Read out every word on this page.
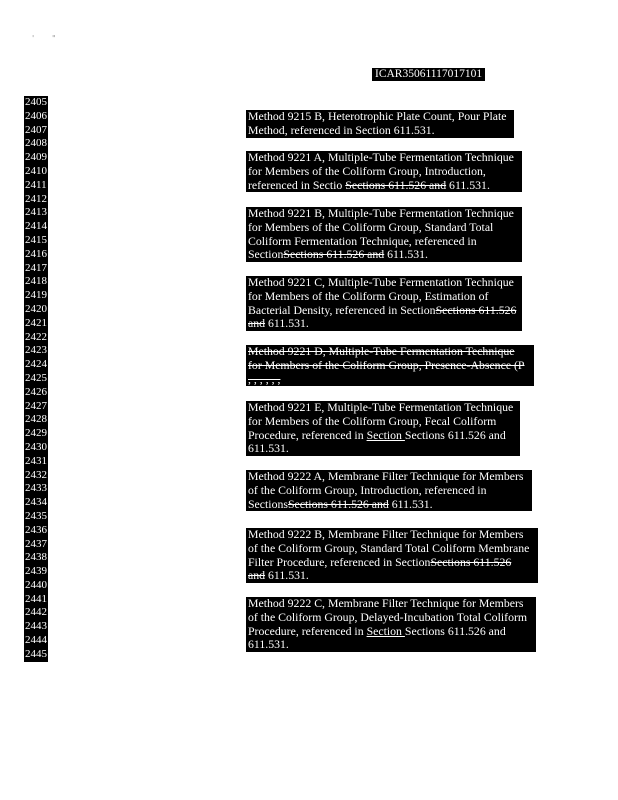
'       "
ICAR35061117017101
2405
2406
2407
2408
2409
2410
2411
2412
2413
2414
2415
2416
2417
2418
2419
2420
2421
2422
2423
2424
2425
2426
2427
2428
2429
2430
2431
2432
2433
2434
2435
2436
2437
2438
2439
2440
2441
2442
2443
2444
2445
Method 9215 B, Heterotrophic Plate Count, Pour Plate
Method, referenced in Section 611.531.
Method 9221 A, Multiple-Tube Fermentation Technique
for Members of the Coliform Group, Introduction,
referenced in Sectio Sections 611.526 and 611.531.
Method 9221 B, Multiple-Tube Fermentation Technique
for Members of the Coliform Group, Standard Total
Coliform Fermentation Technique, referenced in
SectionSections 611.526 and 611.531.
Method 9221 C, Multiple-Tube Fermentation Technique
for Members of the Coliform Group, Estimation of
Bacterial Density, referenced in SectionSections 611.526
and 611.531.
Method 9221 D, Multiple-Tube Fermentation Technique
for Members of the Coliform Group, Presence-Absence (P
, , , , , ,
Method 9221 E, Multiple-Tube Fermentation Technique
for Members of the Coliform Group, Fecal Coliform
Procedure, referenced in Section Sections 611.526 and
611.531.
Method 9222 A, Membrane Filter Technique for Members
of the Coliform Group, Introduction, referenced in
SectionsSections 611.526 and 611.531.
Method 9222 B, Membrane Filter Technique for Members
of the Coliform Group, Standard Total Coliform Membrane
Filter Procedure, referenced in SectionSections 611.526
and 611.531.
Method 9222 C, Membrane Filter Technique for Members
of the Coliform Group, Delayed-Incubation Total Coliform
Procedure, referenced in Section Sections 611.526 and
611.531.
